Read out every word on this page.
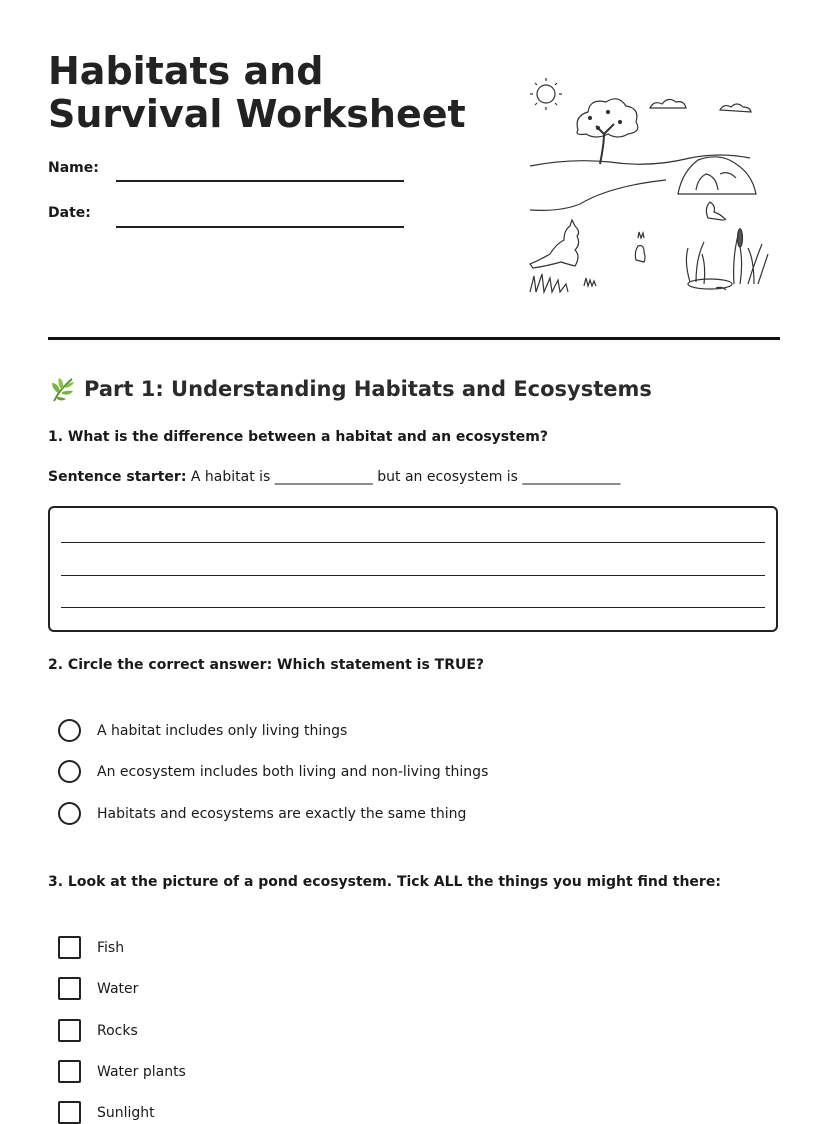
Habitats and Survival Worksheet
Name:
Date:
Part 1: Understanding Habitats and Ecosystems
1. What is the difference between a habitat and an ecosystem?
Sentence starter: A habitat is ______________ but an ecosystem is ______________
2. Circle the correct answer: Which statement is TRUE?
A habitat includes only living things
An ecosystem includes both living and non-living things
Habitats and ecosystems are exactly the same thing
3. Look at the picture of a pond ecosystem. Tick ALL the things you might find there:
Fish
Water
Rocks
Water plants
Sunlight
